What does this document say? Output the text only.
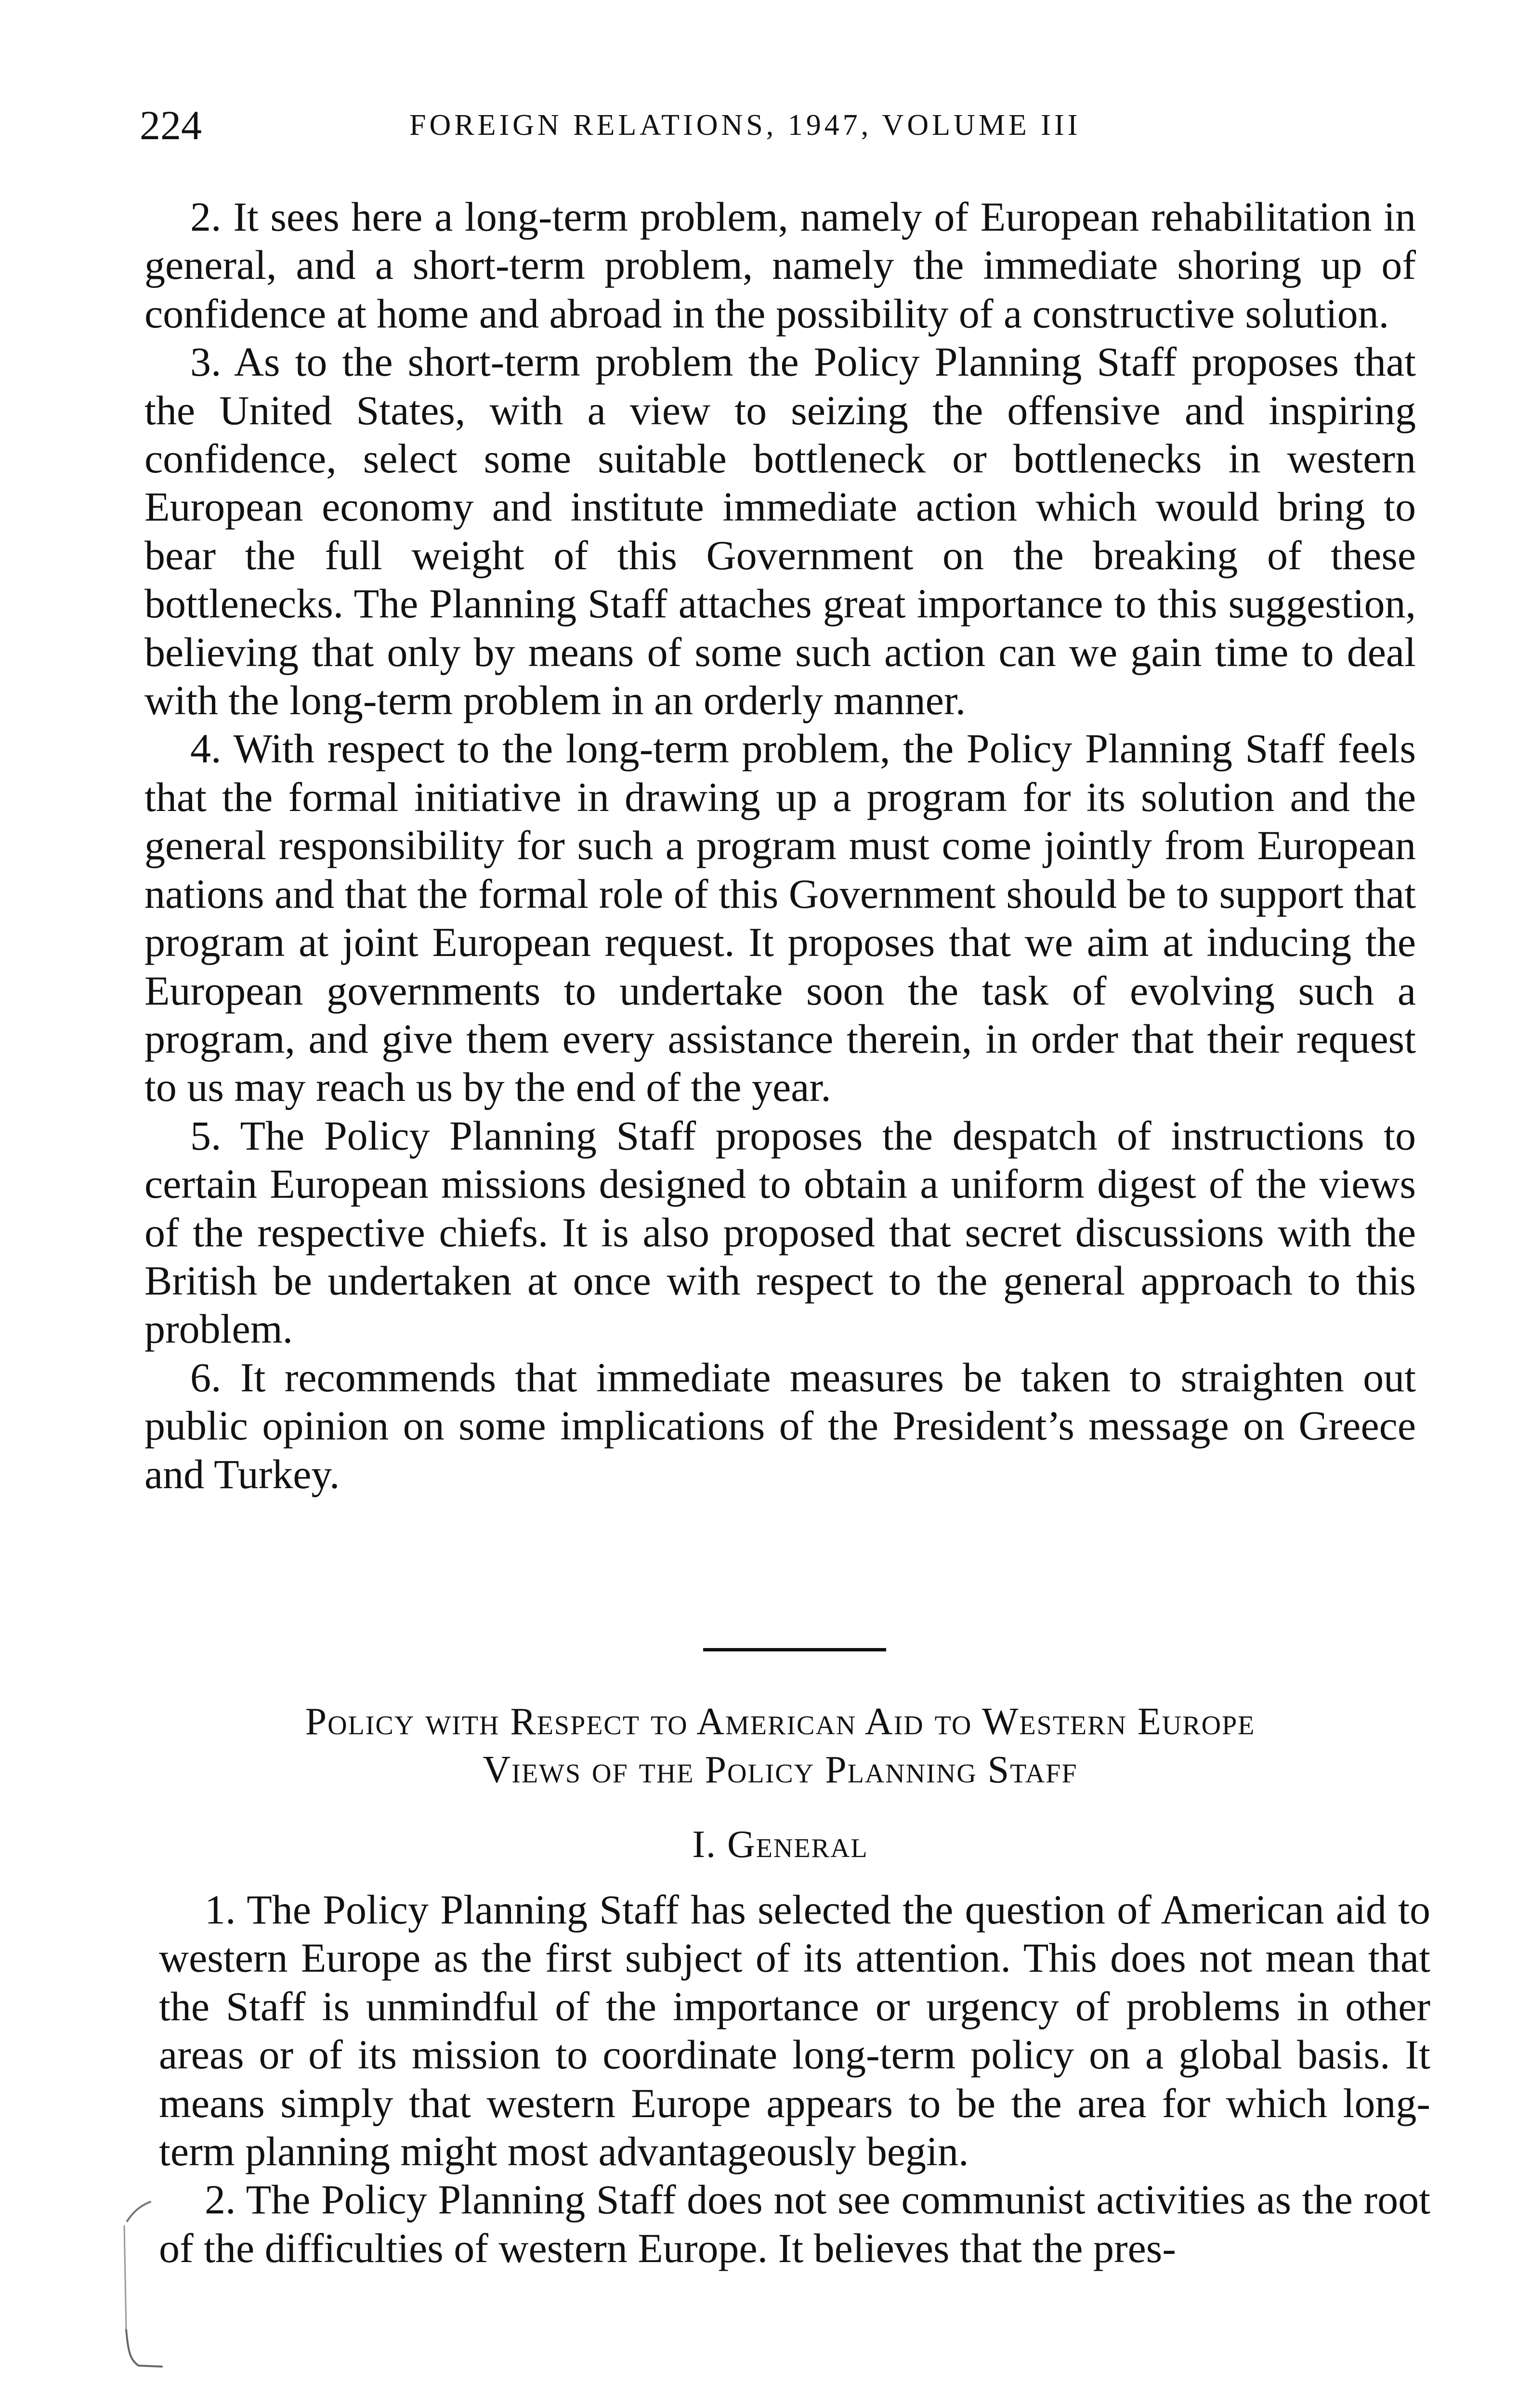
224	FOREIGN RELATIONS, 1947, VOLUME III

2. It sees here a long-term problem, namely of European rehabilitation in general, and a short-term problem, namely the immediate shoring up of confidence at home and abroad in the possibility of a constructive solution.

3. As to the short-term problem the Policy Planning Staff proposes that the United States, with a view to seizing the offensive and inspiring confidence, select some suitable bottleneck or bottlenecks in western European economy and institute immediate action which would bring to bear the full weight of this Government on the breaking of these bottlenecks. The Planning Staff attaches great importance to this suggestion, believing that only by means of some such action can we gain time to deal with the long-term problem in an orderly manner.

4. With respect to the long-term problem, the Policy Planning Staff feels that the formal initiative in drawing up a program for its solution and the general responsibility for such a program must come jointly from European nations and that the formal role of this Government should be to support that program at joint European request. It proposes that we aim at inducing the European governments to undertake soon the task of evolving such a program, and give them every assistance therein, in order that their request to us may reach us by the end of the year.

5. The Policy Planning Staff proposes the despatch of instructions to certain European missions designed to obtain a uniform digest of the views of the respective chiefs. It is also proposed that secret discussions with the British be undertaken at once with respect to the general approach to this problem.

6. It recommends that immediate measures be taken to straighten out public opinion on some implications of the President’s message on Greece and Turkey.

Policy with Respect to American Aid to Western Europe
Views of the Policy Planning Staff
I. General

1. The Policy Planning Staff has selected the question of American aid to western Europe as the first subject of its attention. This does not mean that the Staff is unmindful of the importance or urgency of problems in other areas or of its mission to coordinate long-term policy on a global basis. It means simply that western Europe appears to be the area for which long-term planning might most advantageously begin.

2. The Policy Planning Staff does not see communist activities as the root of the difficulties of western Europe. It believes that the pres-
